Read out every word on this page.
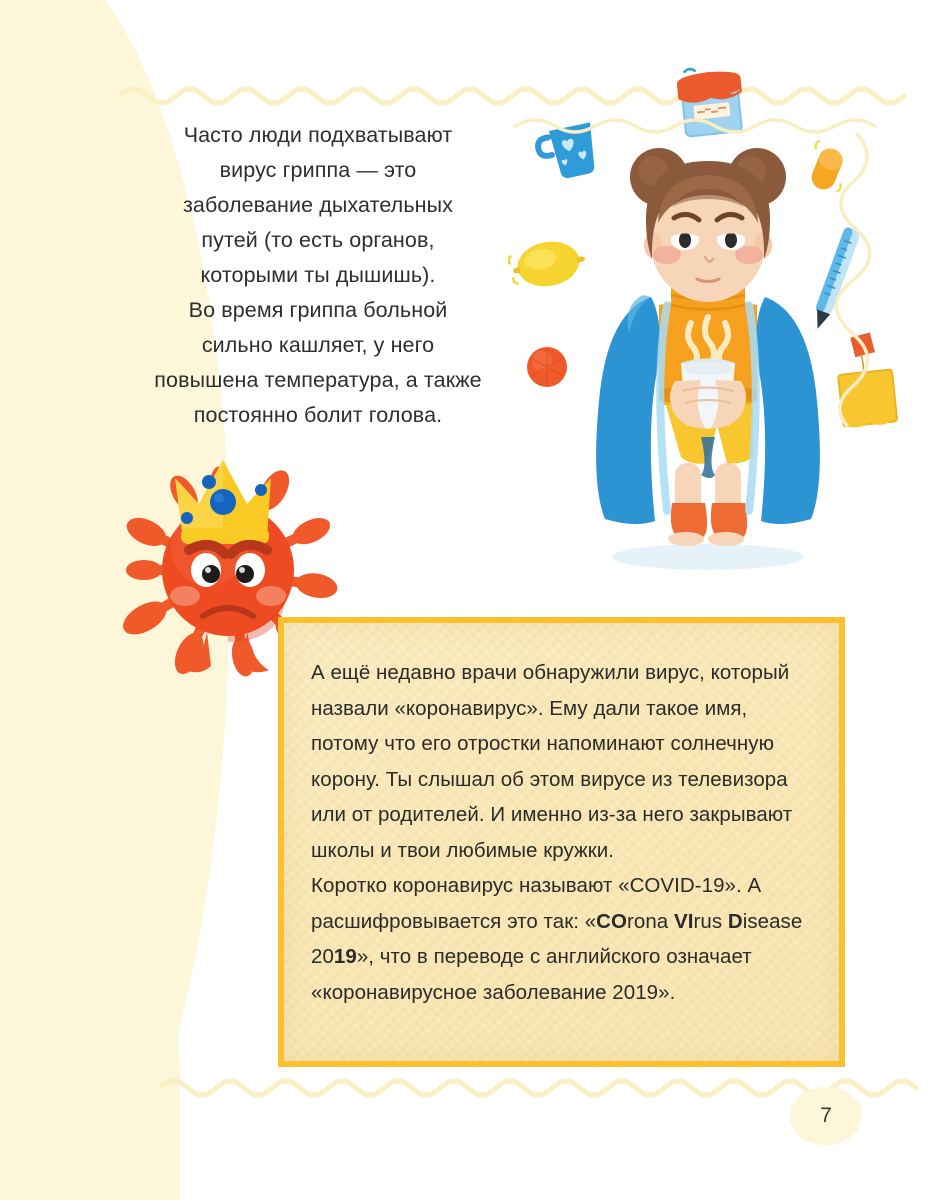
Часто люди подхватывают

вирус гриппа — это

заболевание дыхательных

путей (то есть органов,

которыми ты дышишь).

Во время гриппа больной

сильно кашляет, у него

повышена температура, а также

постоянно болит голова.

А ещё недавно врачи обнаружили вирус, который назвали «коронавирус». Ему дали такое имя, потому что его отростки напоминают солнечную корону. Ты слышал об этом вирусе из телевизора или от родителей. И именно из-за него закрывают школы и твои любимые кружки.

Коротко коронавирус называют «COVID-19». А расшифровывается это так: «COrona VIrus Disease 2019», что в переводе с английского означает «коронавирусное заболевание 2019».

7
